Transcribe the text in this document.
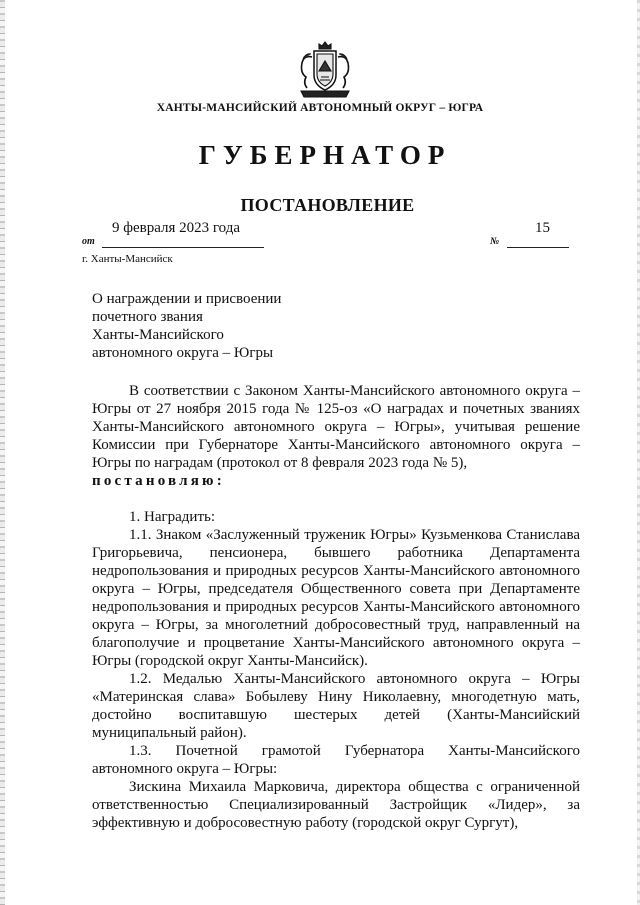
ХАНТЫ-МАНСИЙСКИЙ АВТОНОМНЫЙ ОКРУГ – ЮГРА
ГУБЕРНАТОР
ПОСТАНОВЛЕНИЕ
от
9 февраля 2023 года
№
15
г. Ханты-Мансийск
О награждении и присвоении
почетного звания
Ханты-Мансийского
автономного округа – Югры

В соответствии с Законом Ханты-Мансийского автономного округа – Югры от 27 ноября 2015 года № 125-оз «О наградах и почетных званиях Ханты-Мансийского автономного округа – Югры», учитывая решение Комиссии при Губернаторе Ханты-Мансийского автономного округа – Югры по наградам (протокол от 8 февраля 2023 года № 5),

постановляю:

1. Наградить:

1.1. Знаком «Заслуженный труженик Югры» Кузьменкова Станислава Григорьевича, пенсионера, бывшего работника Департамента недропользования и природных ресурсов Ханты-Мансийского автономного округа – Югры, председателя Общественного совета при Департаменте недропользования и природных ресурсов Ханты-Мансийского автономного округа – Югры, за многолетний добросовестный труд, направленный на благополучие и процветание Ханты-Мансийского автономного округа – Югры (городской округ Ханты-Мансийск).

1.2. Медалью Ханты-Мансийского автономного округа – Югры «Материнская слава» Бобылеву Нину Николаевну, многодетную мать, достойно воспитавшую шестерых детей (Ханты-Мансийский муниципальный район).

1.3. Почетной грамотой Губернатора Ханты-Мансийского автономного округа – Югры:

Зискина Михаила Марковича, директора общества с ограниченной ответственностью Специализированный Застройщик «Лидер», за эффективную и добросовестную работу (городской округ Сургут),
